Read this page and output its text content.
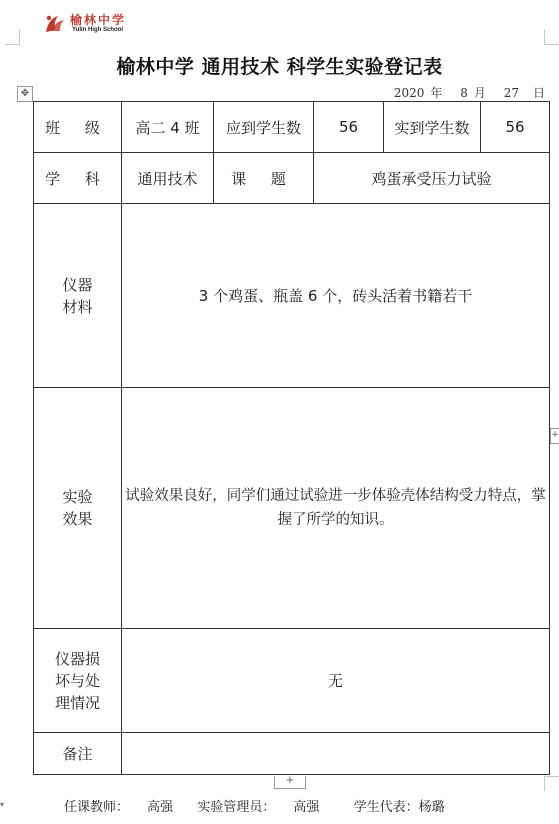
榆林中学
Yulin High School
榆林中学 通用技术 科学生实验登记表
✥	2020 年 8 月 27 日
班 级	高二 4 班	应到学生数	56	实到学生数	56
学 科	通用技术	课 题	鸡蛋承受压力试验		

仪器
材料	3 个鸡蛋、瓶盖 6 个，砖头活着书籍若干				

实验
效果	试验效果良好，同学们通过试验进一步体验壳体结构受力特点，掌握了所学的知识。				

仪器损
坏与处
理情况	无				
备注					
+
+
▾	任课教师： 高强 实验管理员： 高强	学生代表：杨璐
